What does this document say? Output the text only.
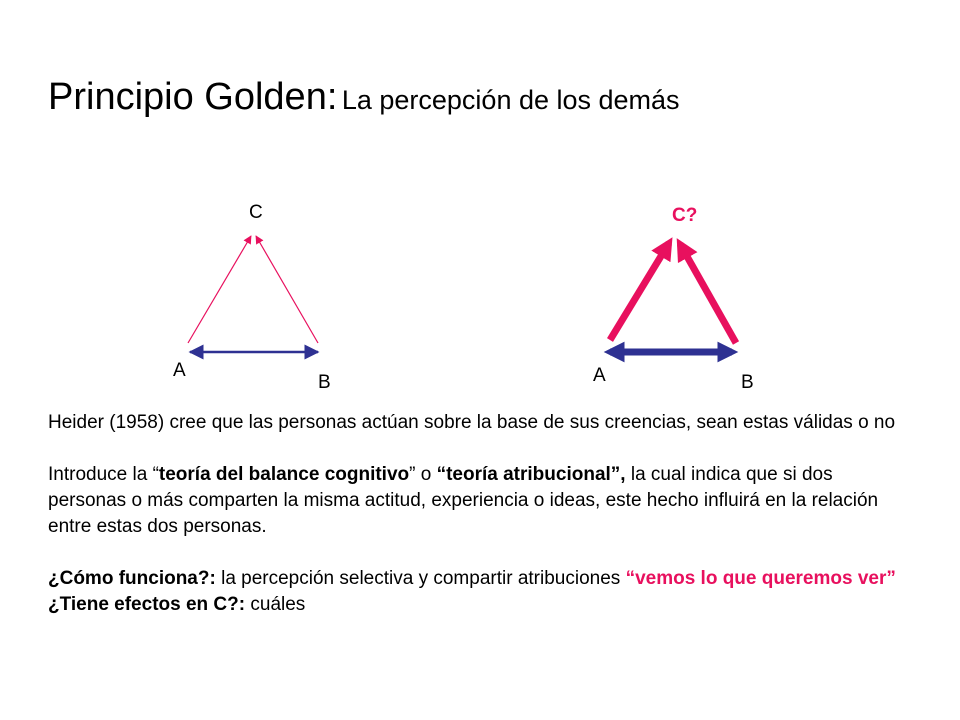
Principio Golden: La percepción de los demás
C
A
B
C?
A	B

Heider (1958) cree que las personas actúan sobre la base de sus creencias, sean estas válidas o no

Introduce la “teoría del balance cognitivo” o “teoría atribucional”, la cual indica que si dos personas o más comparten la misma actitud, experiencia o ideas, este hecho influirá en la relación entre estas dos personas.

¿Cómo funciona?: la percepción selectiva y compartir atribuciones “vemos lo que queremos ver”

¿Tiene efectos en C?: cuáles
